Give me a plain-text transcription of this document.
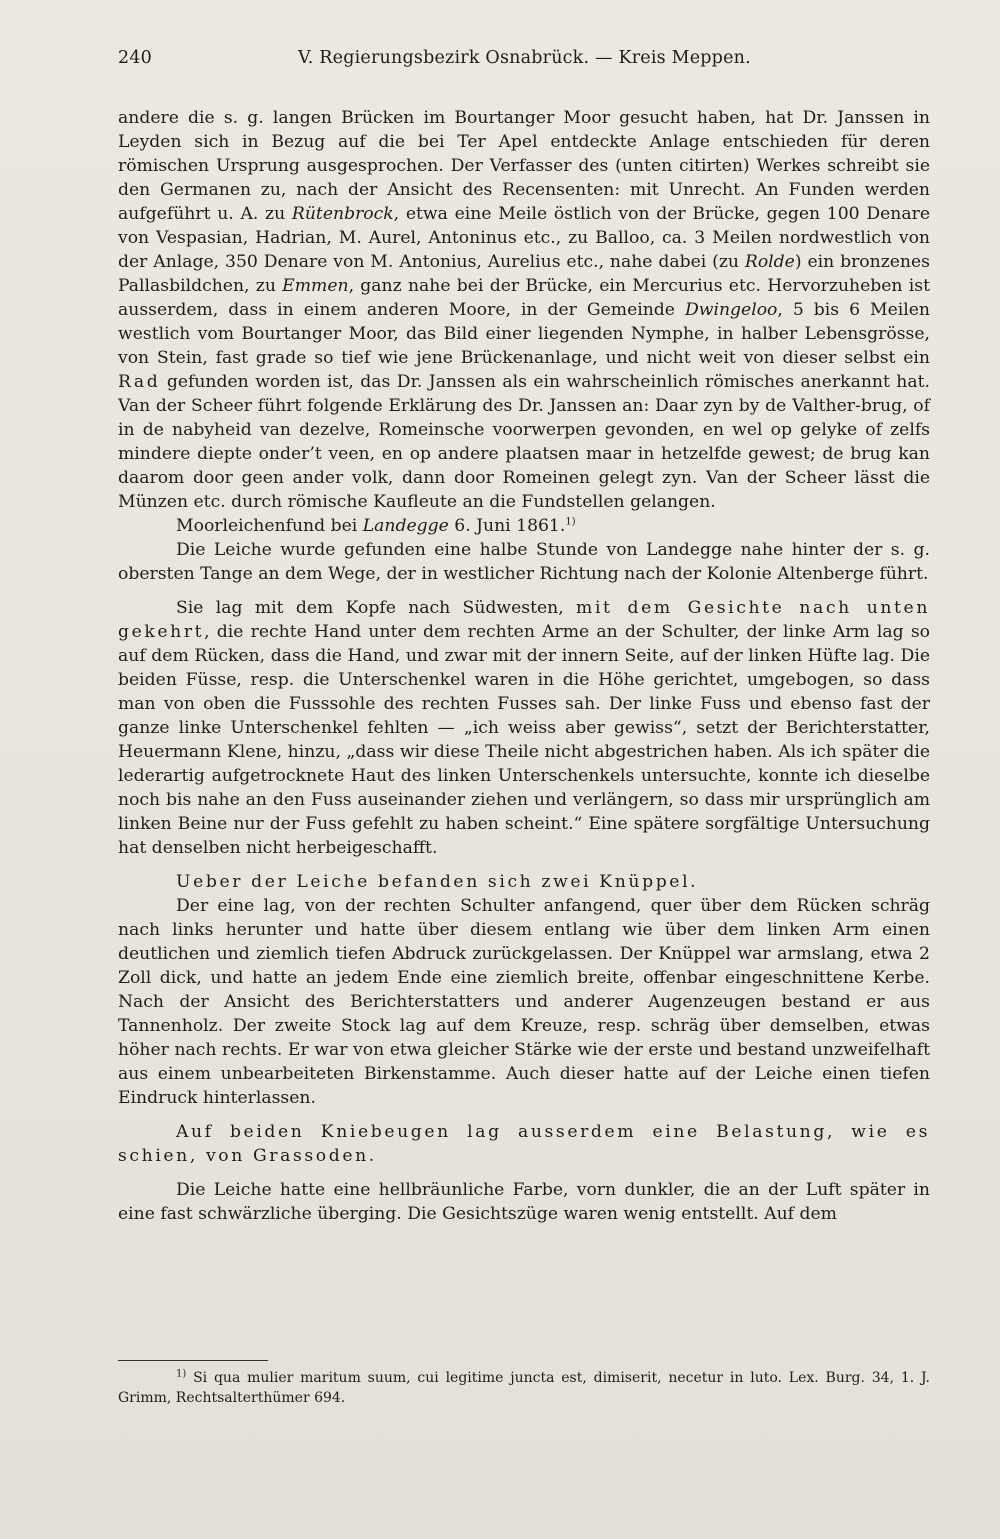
240	V. Regierungsbezirk Osnabrück. — Kreis Meppen.

andere die s. g. langen Brücken im Bourtanger Moor gesucht haben, hat Dr. Janssen in Leyden sich in Bezug auf die bei Ter Apel entdeckte Anlage entschieden für deren römischen Ursprung ausgesprochen. Der Verfasser des (unten citirten) Werkes schreibt sie den Germanen zu, nach der Ansicht des Recensenten: mit Unrecht. An Funden werden aufgeführt u. A. zu Rütenbrock, etwa eine Meile östlich von der Brücke, gegen 100 Denare von Vespasian, Hadrian, M. Aurel, Antoninus etc., zu Balloo, ca. 3 Meilen nordwestlich von der Anlage, 350 Denare von M. Antonius, Aurelius etc., nahe dabei (zu Rolde) ein bronzenes Pallasbildchen, zu Emmen, ganz nahe bei der Brücke, ein Mercurius etc. Hervorzuheben ist ausserdem, dass in einem anderen Moore, in der Gemeinde Dwingeloo, 5 bis 6 Meilen westlich vom Bourtanger Moor, das Bild einer liegenden Nymphe, in halber Lebensgrösse, von Stein, fast grade so tief wie jene Brückenanlage, und nicht weit von dieser selbst ein Rad gefunden worden ist, das Dr. Janssen als ein wahrscheinlich römisches anerkannt hat. Van der Scheer führt folgende Erklärung des Dr. Janssen an: Daar zyn by de Valther-brug, of in de nabyheid van dezelve, Romeinsche voorwerpen gevonden, en wel op gelyke of zelfs mindere diepte onder’t veen, en op andere plaatsen maar in hetzelfde gewest; de brug kan daarom door geen ander volk, dann door Romeinen gelegt zyn. Van der Scheer lässt die Münzen etc. durch römische Kaufleute an die Fundstellen gelangen.

Moorleichenfund bei Landegge 6. Juni 1861.$^{1)}$

Die Leiche wurde gefunden eine halbe Stunde von Landegge nahe hinter der s. g. obersten Tange an dem Wege, der in westlicher Richtung nach der Kolonie Altenberge führt.

Sie lag mit dem Kopfe nach Südwesten, mit dem Gesichte nach unten gekehrt, die rechte Hand unter dem rechten Arme an der Schulter, der linke Arm lag so auf dem Rücken, dass die Hand, und zwar mit der innern Seite, auf der linken Hüfte lag. Die beiden Füsse, resp. die Unterschenkel waren in die Höhe gerichtet, umgebogen, so dass man von oben die Fusssohle des rechten Fusses sah. Der linke Fuss und ebenso fast der ganze linke Unterschenkel fehlten — „ich weiss aber gewiss“, setzt der Berichterstatter, Heuermann Klene, hinzu, „dass wir diese Theile nicht abgestrichen haben. Als ich später die lederartig aufgetrocknete Haut des linken Unterschenkels untersuchte, konnte ich dieselbe noch bis nahe an den Fuss auseinander ziehen und verlängern, so dass mir ursprünglich am linken Beine nur der Fuss gefehlt zu haben scheint.“ Eine spätere sorgfältige Untersuchung hat denselben nicht herbeigeschafft.

Ueber der Leiche befanden sich zwei Knüppel.

Der eine lag, von der rechten Schulter anfangend, quer über dem Rücken schräg nach links herunter und hatte über diesem entlang wie über dem linken Arm einen deutlichen und ziemlich tiefen Abdruck zurückgelassen. Der Knüppel war armslang, etwa 2 Zoll dick, und hatte an jedem Ende eine ziemlich breite, offenbar eingeschnittene Kerbe. Nach der Ansicht des Berichterstatters und anderer Augenzeugen bestand er aus Tannenholz. Der zweite Stock lag auf dem Kreuze, resp. schräg über demselben, etwas höher nach rechts. Er war von etwa gleicher Stärke wie der erste und bestand unzweifelhaft aus einem unbearbeiteten Birkenstamme. Auch dieser hatte auf der Leiche einen tiefen Eindruck hinterlassen.

Auf beiden Kniebeugen lag ausserdem eine Belastung, wie es schien, von Grassoden.

Die Leiche hatte eine hellbräunliche Farbe, vorn dunkler, die an der Luft später in eine fast schwärzliche überging. Die Gesichtszüge waren wenig entstellt. Auf dem

$^{1)}$ Si qua mulier maritum suum, cui legitime juncta est, dimiserit, necetur in luto. Lex. Burg. 34, 1. J. Grimm, Rechtsalterthümer 694.
